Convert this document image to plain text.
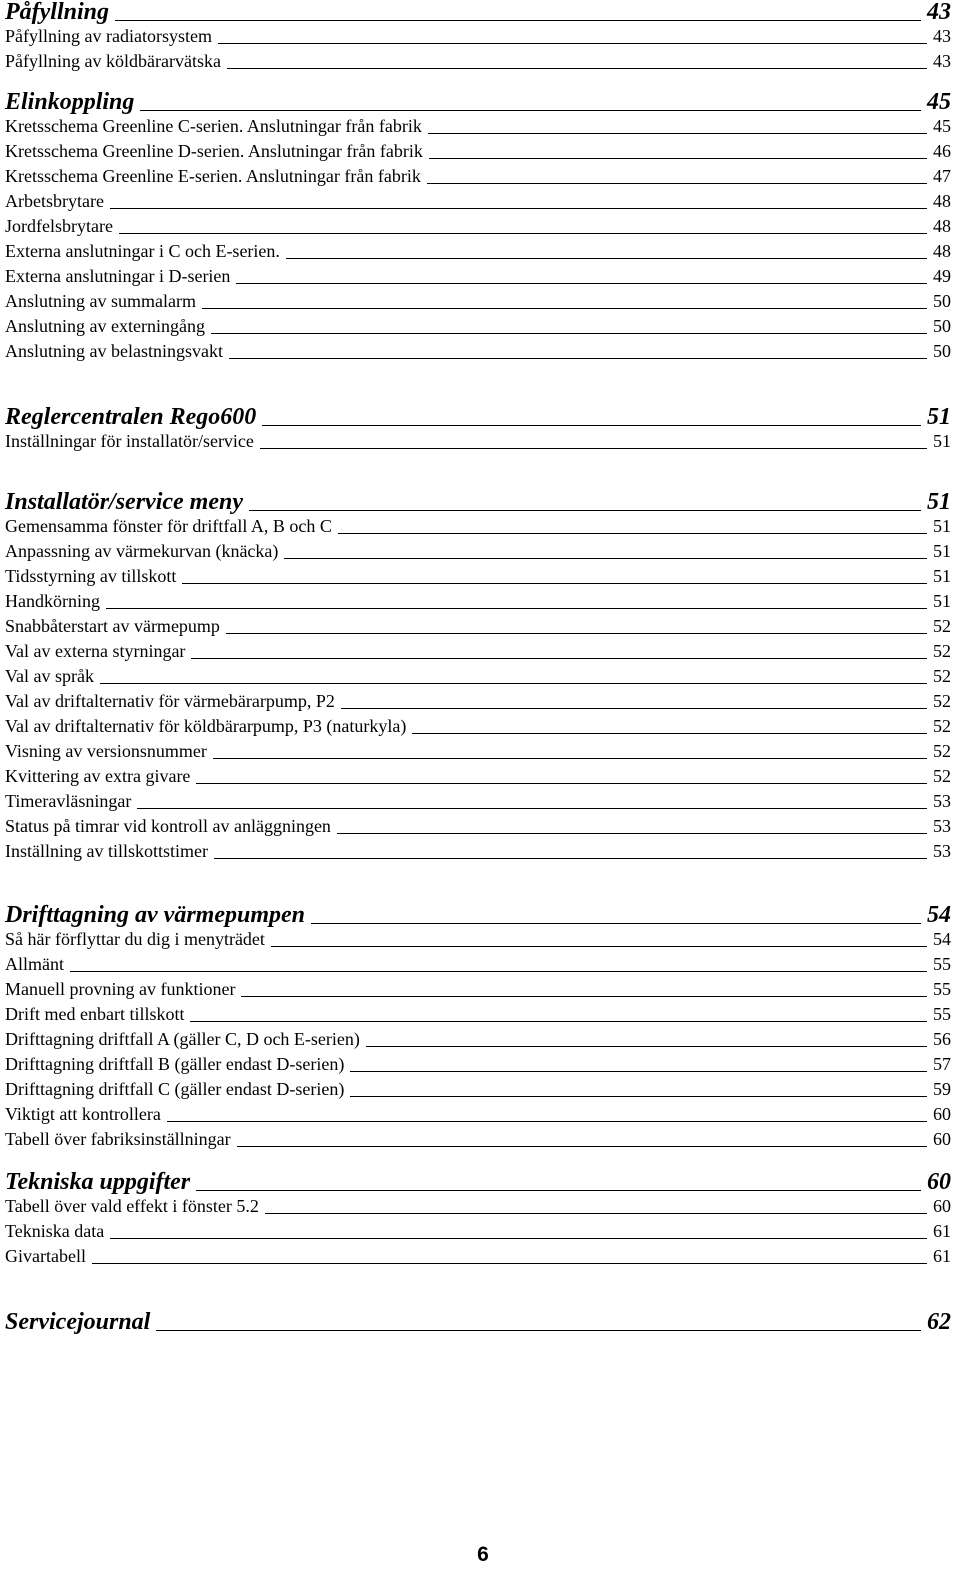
Påfyllning	43
Påfyllning av radiatorsystem	43
Påfyllning av köldbärarvätska	43
Elinkoppling	45
Kretsschema Greenline C-serien. Anslutningar från fabrik	45
Kretsschema Greenline D-serien. Anslutningar från fabrik	46
Kretsschema Greenline E-serien. Anslutningar från fabrik	47
Arbetsbrytare	48
Jordfelsbrytare	48
Externa anslutningar i C och E-serien.	48
Externa anslutningar i D-serien	49
Anslutning av summalarm	50
Anslutning av externingång	50
Anslutning av belastningsvakt	50
Reglercentralen Rego600	51
Inställningar för installatör/service	51
Installatör/service meny	51
Gemensamma fönster för driftfall A, B och C	51
Anpassning av värmekurvan (knäcka)	51
Tidsstyrning av tillskott	51
Handkörning	51
Snabbåterstart av värmepump	52
Val av externa styrningar	52
Val av språk	52
Val av driftalternativ för värmebärarpump, P2	52
Val av driftalternativ för köldbärarpump, P3 (naturkyla)	52
Visning av versionsnummer	52
Kvittering av extra givare	52
Timeravläsningar	53
Status på timrar vid kontroll av anläggningen	53
Inställning av tillskottstimer	53
Drifttagning av värmepumpen	54
Så här förflyttar du dig i menyträdet	54
Allmänt	55
Manuell provning av funktioner	55
Drift med enbart tillskott	55
Drifttagning driftfall A (gäller C, D och E-serien)	56
Drifttagning driftfall B (gäller endast D-serien)	57
Drifttagning driftfall C (gäller endast D-serien)	59
Viktigt att kontrollera	60
Tabell över fabriksinställningar	60
Tekniska uppgifter	60
Tabell över vald effekt i fönster 5.2	60
Tekniska data	61
Givartabell	61
Servicejournal	62
6
